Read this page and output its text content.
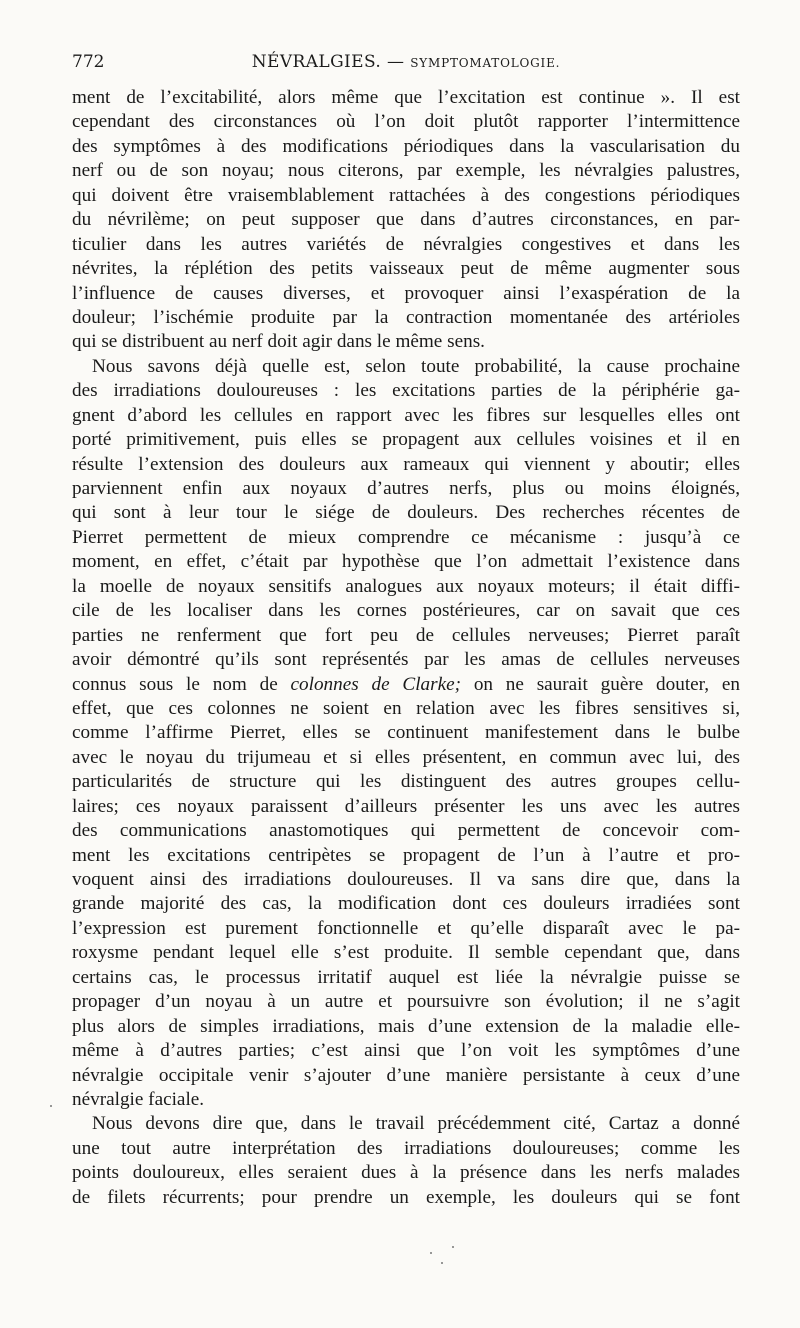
772	NÉVRALGIES. — SYMPTOMATOLOGIE.
ment de l’excitabilité, alors même que l’excitation est continue ». Il est
cependant des circonstances où l’on doit plutôt rapporter l’intermittence
des symptômes à des modifications périodiques dans la vascularisation du
nerf ou de son noyau; nous citerons, par exemple, les névralgies palustres,
qui doivent être vraisemblablement rattachées à des congestions périodiques
du névrilème; on peut supposer que dans d’autres circonstances, en par-
ticulier dans les autres variétés de névralgies congestives et dans les
névrites, la réplétion des petits vaisseaux peut de même augmenter sous
l’influence de causes diverses, et provoquer ainsi l’exaspération de la
douleur; l’ischémie produite par la contraction momentanée des artérioles
qui se distribuent au nerf doit agir dans le même sens.
Nous savons déjà quelle est, selon toute probabilité, la cause prochaine
des irradiations douloureuses : les excitations parties de la périphérie ga-
gnent d’abord les cellules en rapport avec les fibres sur lesquelles elles ont
porté primitivement, puis elles se propagent aux cellules voisines et il en
résulte l’extension des douleurs aux rameaux qui viennent y aboutir; elles
parviennent enfin aux noyaux d’autres nerfs, plus ou moins éloignés,
qui sont à leur tour le siége de douleurs. Des recherches récentes de
Pierret permettent de mieux comprendre ce mécanisme : jusqu’à ce
moment, en effet, c’était par hypothèse que l’on admettait l’existence dans
la moelle de noyaux sensitifs analogues aux noyaux moteurs; il était diffi-
cile de les localiser dans les cornes postérieures, car on savait que ces
parties ne renferment que fort peu de cellules nerveuses; Pierret paraît
avoir démontré qu’ils sont représentés par les amas de cellules nerveuses
connus sous le nom de colonnes de Clarke; on ne saurait guère douter, en
effet, que ces colonnes ne soient en relation avec les fibres sensitives si,
comme l’affirme Pierret, elles se continuent manifestement dans le bulbe
avec le noyau du trijumeau et si elles présentent, en commun avec lui, des
particularités de structure qui les distinguent des autres groupes cellu-
laires; ces noyaux paraissent d’ailleurs présenter les uns avec les autres
des communications anastomotiques qui permettent de concevoir com-
ment les excitations centripètes se propagent de l’un à l’autre et pro-
voquent ainsi des irradiations douloureuses. Il va sans dire que, dans la
grande majorité des cas, la modification dont ces douleurs irradiées sont
l’expression est purement fonctionnelle et qu’elle disparaît avec le pa-
roxysme pendant lequel elle s’est produite. Il semble cependant que, dans
certains cas, le processus irritatif auquel est liée la névralgie puisse se
propager d’un noyau à un autre et poursuivre son évolution; il ne s’agit
plus alors de simples irradiations, mais d’une extension de la maladie elle-
même à d’autres parties; c’est ainsi que l’on voit les symptômes d’une
névralgie occipitale venir s’ajouter d’une manière persistante à ceux d’une
névralgie faciale.
Nous devons dire que, dans le travail précédemment cité, Cartaz a donné
une tout autre interprétation des irradiations douloureuses; comme les
points douloureux, elles seraient dues à la présence dans les nerfs malades
de filets récurrents; pour prendre un exemple, les douleurs qui se font
